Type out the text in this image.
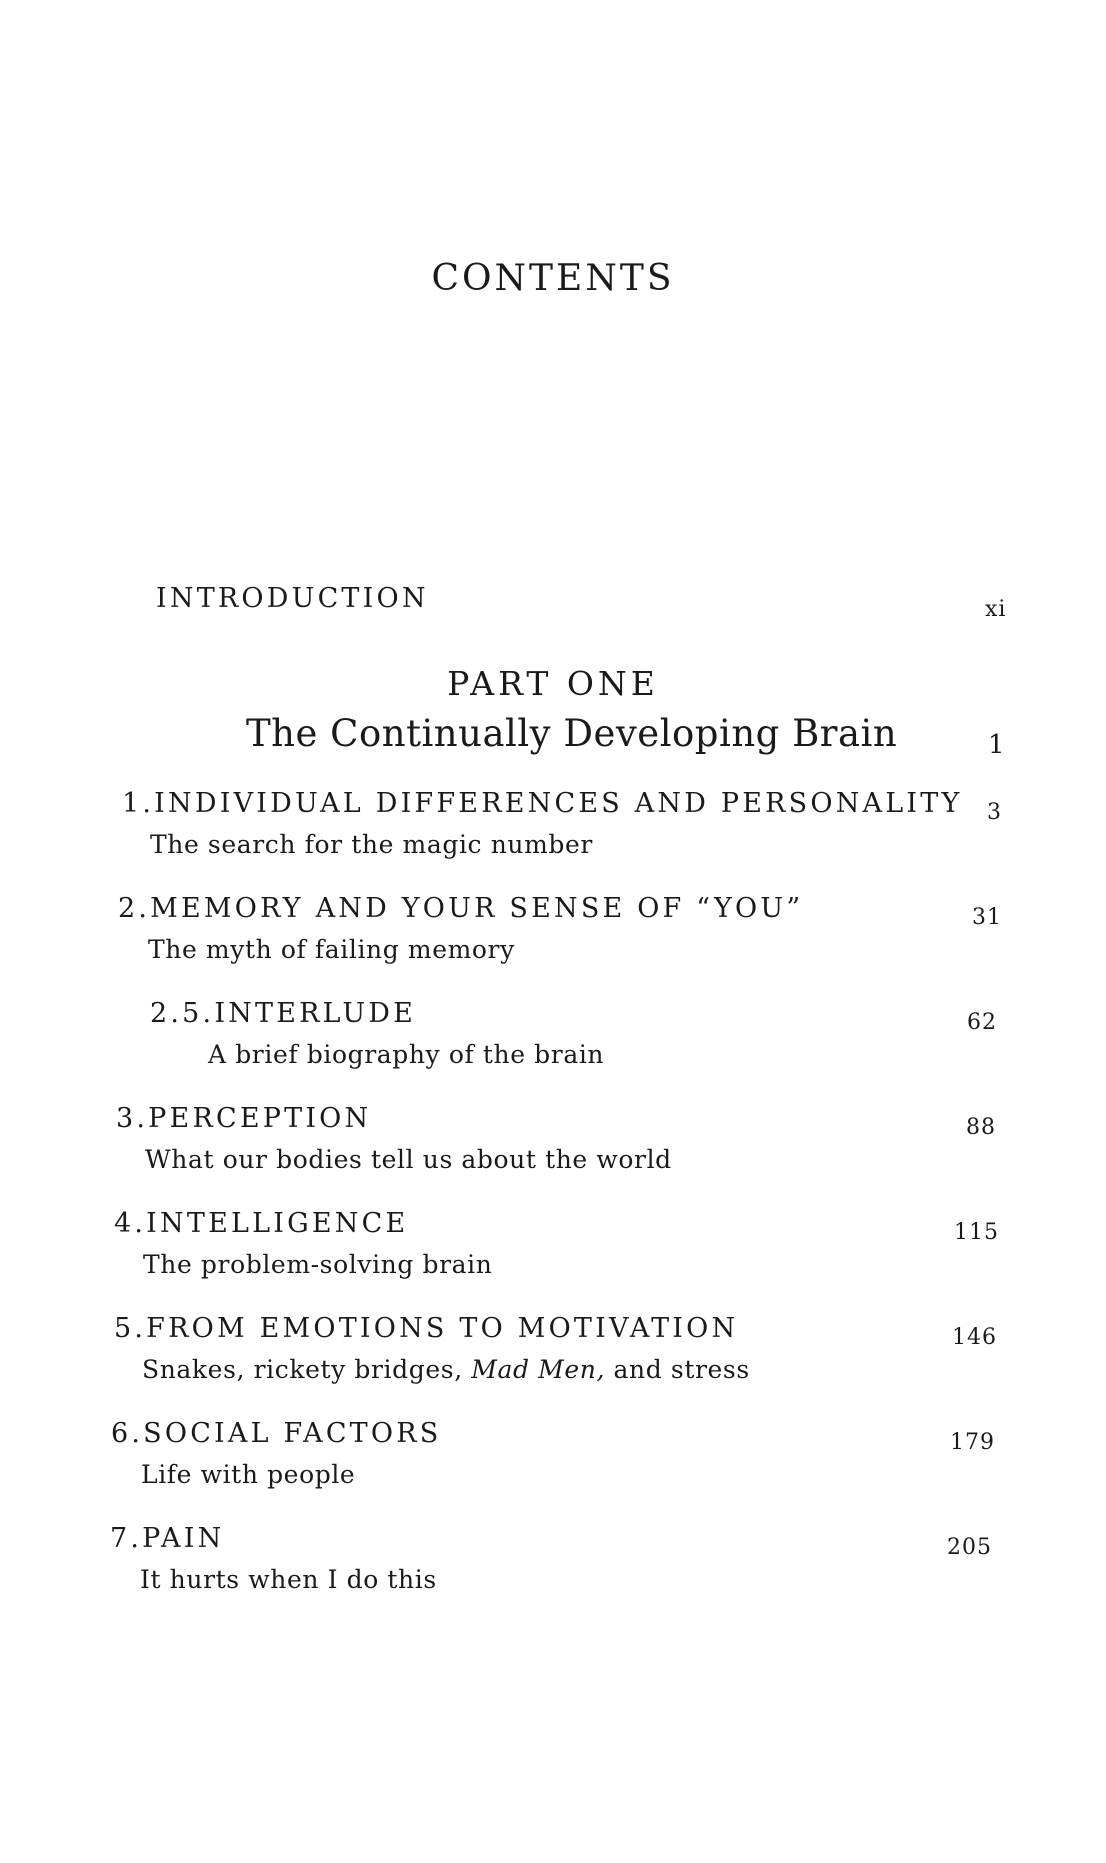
CONTENTS
INTRODUCTION	xi
PART ONE
The Continually Developing Brain	1
1.INDIVIDUAL DIFFERENCES AND PERSONALITY
The search for the magic number
3
2.MEMORY AND YOUR SENSE OF “YOU”
The myth of failing memory
31
2.5.INTERLUDE
A brief biography of the brain
62
3.PERCEPTION
What our bodies tell us about the world
88
4.INTELLIGENCE
The problem-solving brain
115
5.FROM EMOTIONS TO MOTIVATION
Snakes, rickety bridges, Mad Men, and stress
146
6.SOCIAL FACTORS
Life with people
179
7.PAIN
It hurts when I do this
205
